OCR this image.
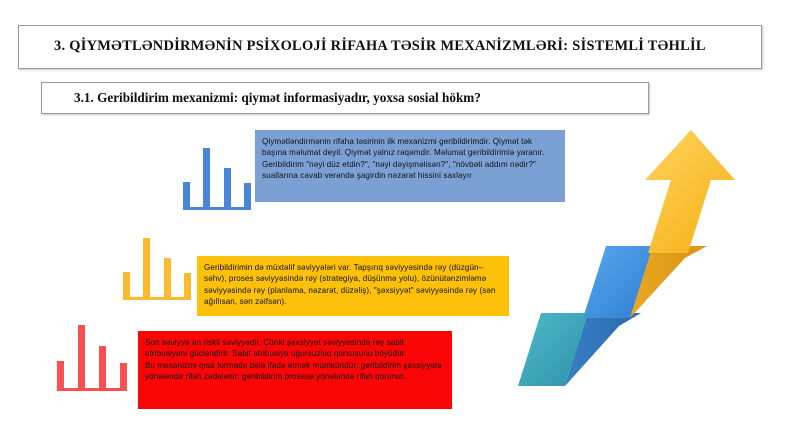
3. QİYMƏTLƏNDİRMƏNİN PSİXOLOJİ RİFAHA TƏSİR MEXANİZMLƏRİ: SİSTEMLİ TƏHLİL
3.1. Geribildirim mexanizmi: qiymət informasiyadır, yoxsa sosial hökm?

Qiymətləndirmənin rifaha təsirinin ilk mexanizmi geribildirimdir. Qiymət tək başına məlumat deyil. Qiymət yalnız rəqəmdir. Məlumat geribildirimlə yaranır. Geribildirim "nəyi düz etdin?", "nəyi dəyişməlisən?", "növbəti addım nədir?" suallarına cavab verəndə şagirdin nəzarət hissini saxlayır

Geribildirimin də müxtəlif səviyyələri var. Tapşırıq səviyyəsində rəy (düzgün–səhv), proses səviyyəsində rəy (strategiya, düşünmə yolu), özünütənzimləmə səviyyəsində rəy (planlama, nəzarət, düzəliş), "şəxsiyyət" səviyyəsində rəy (sən ağıllısan, sən zəifsən).

Son səviyyə ən riskli səviyyədir. Çünki şəxsiyyət səviyyəsində rəy sabit atribusiyanı gücləndirir. Sabit atribusiya uğursuzluq qorxusunu böyüdür.

Bu mexanizmi qısa formada belə ifadə etmək mümkündür: geribildirim şəxsiyyətə yönələndə rifah zədələnir; geribildirim prosesə yönələndə rifah qorunur.
